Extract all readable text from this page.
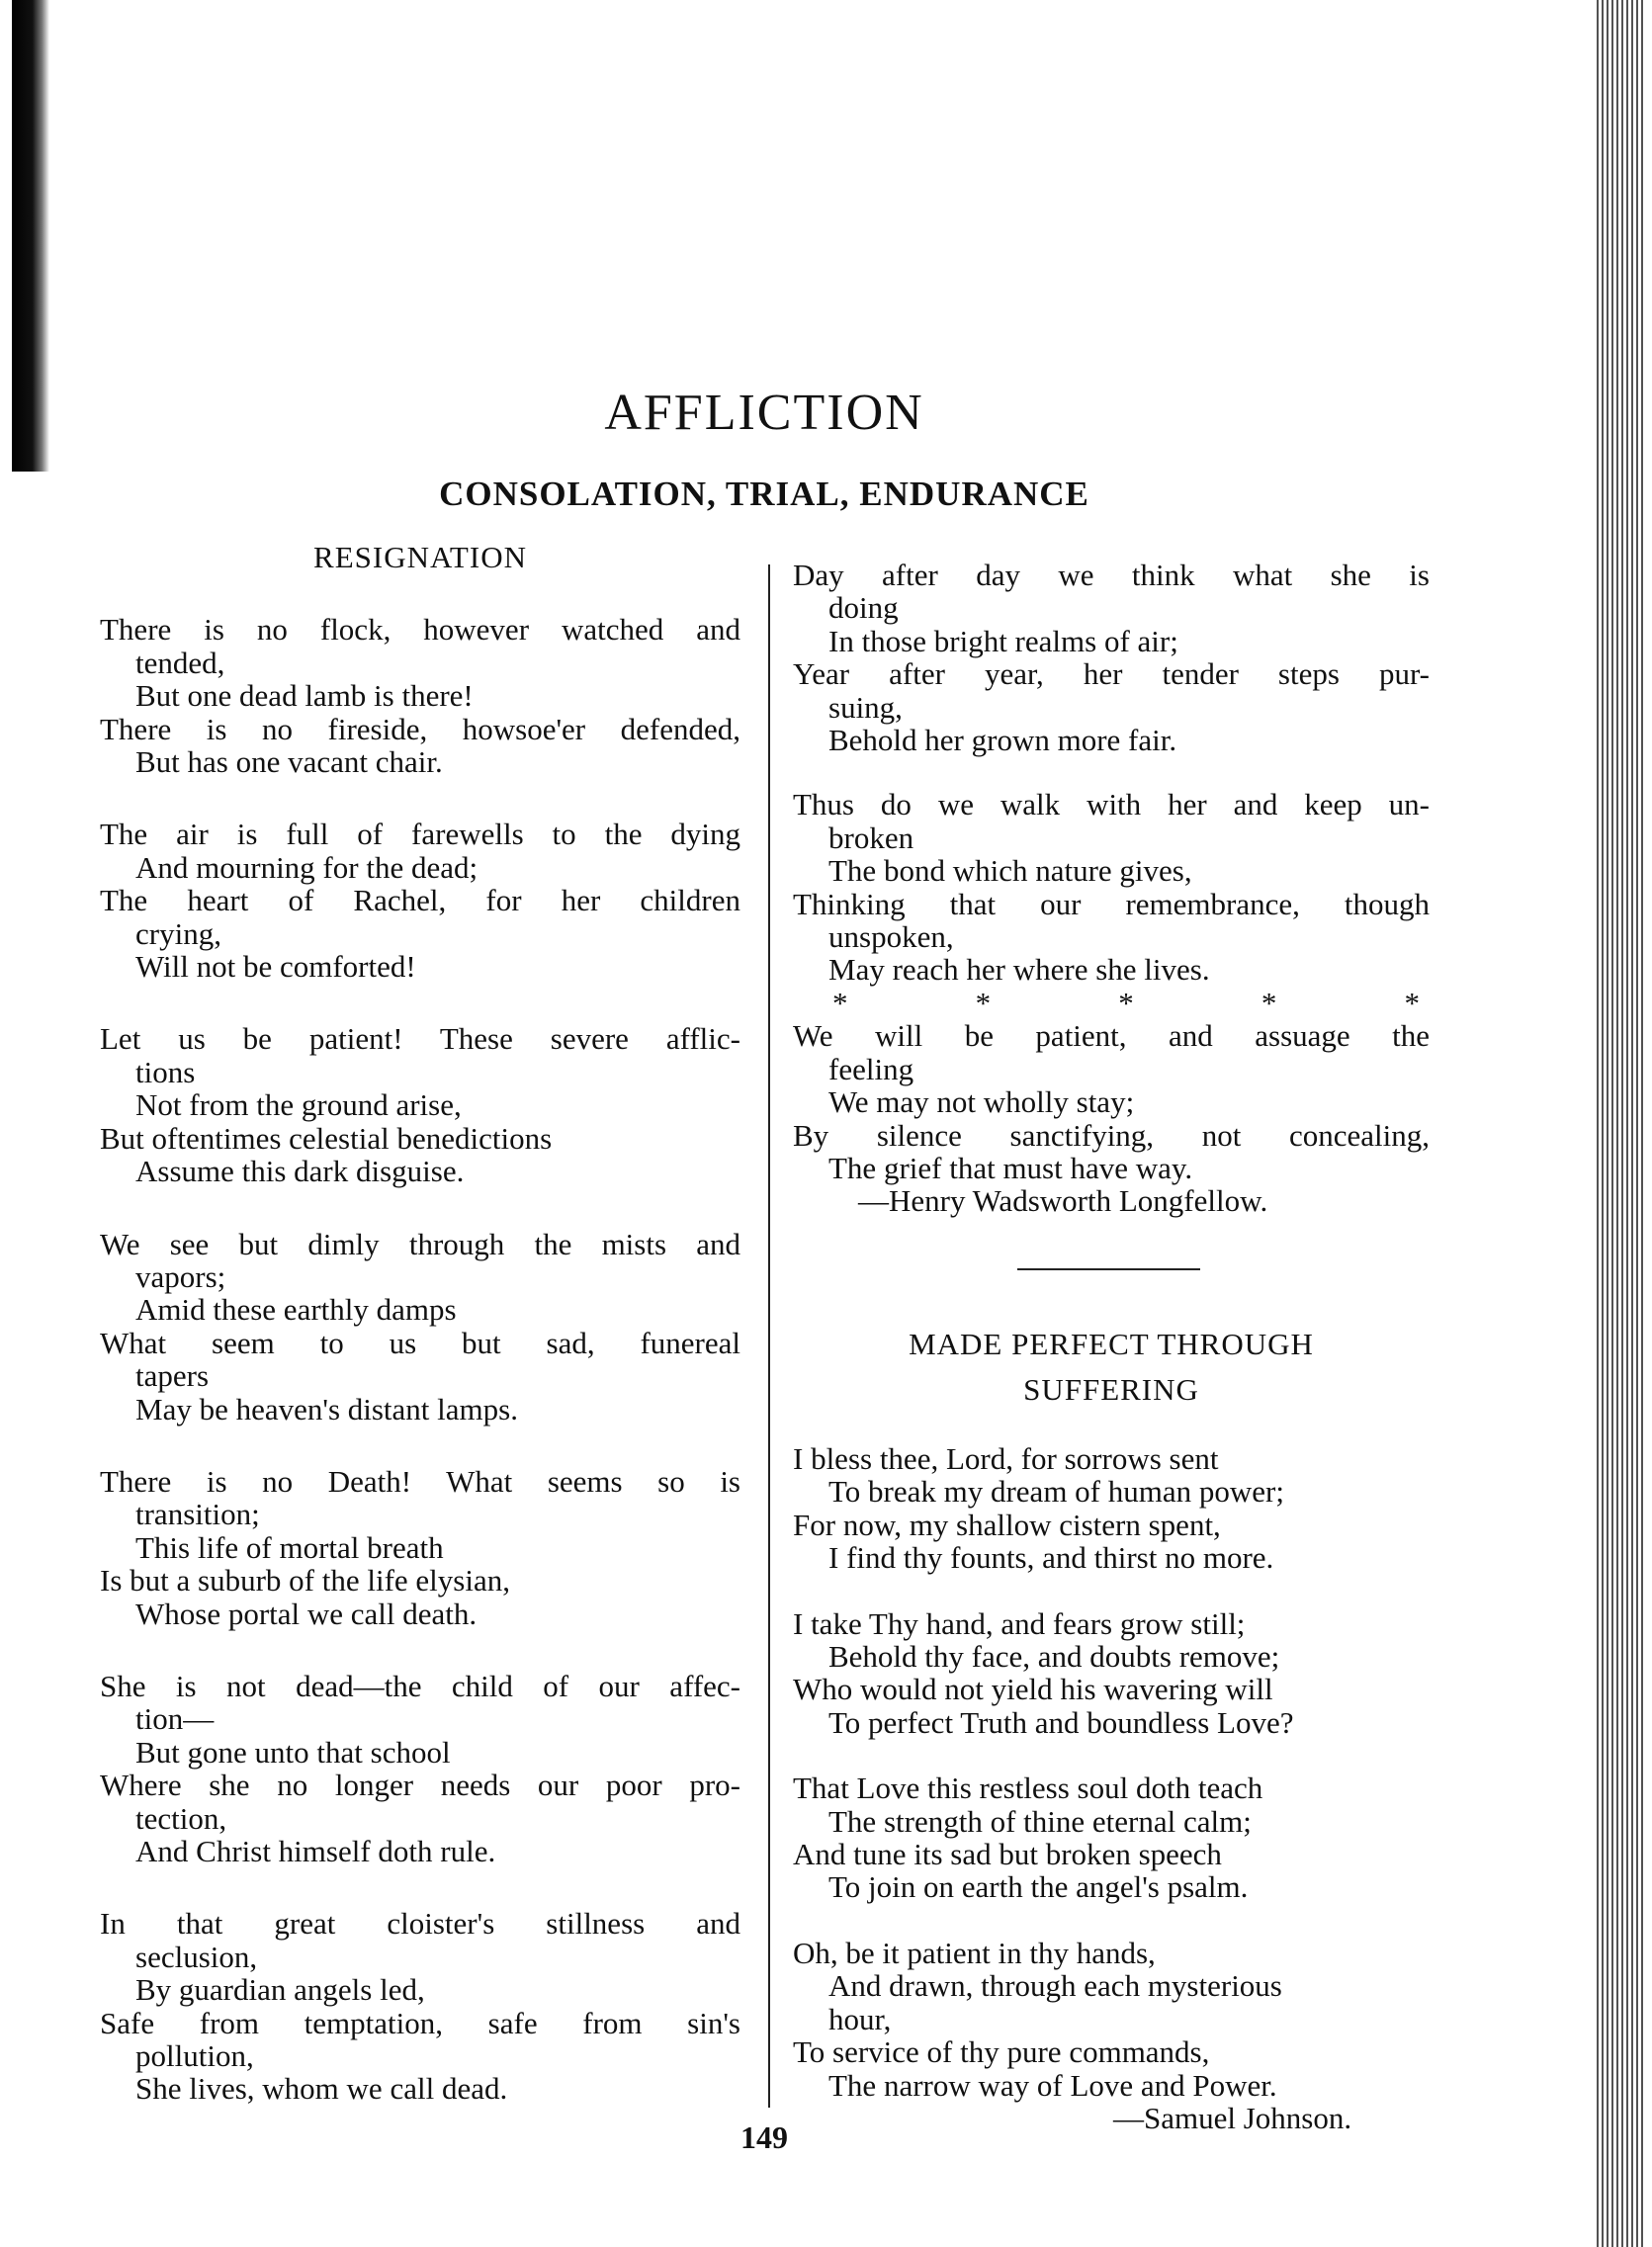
AFFLICTION
CONSOLATION, TRIAL, ENDURANCE
RESIGNATION
There is no flock, however watched and
tended,
But one dead lamb is there!
There is no fireside, howsoe'er defended,
But has one vacant chair.
The air is full of farewells to the dying
And mourning for the dead;
The heart of Rachel, for her children
crying,
Will not be comforted!
Let us be patient! These severe afflic-
tions
Not from the ground arise,
But oftentimes celestial benedictions
Assume this dark disguise.
We see but dimly through the mists and
vapors;
Amid these earthly damps
What seem to us but sad, funereal
tapers
May be heaven's distant lamps.
There is no Death! What seems so is
transition;
This life of mortal breath
Is but a suburb of the life elysian,
Whose portal we call death.
She is not dead—the child of our affec-
tion—
But gone unto that school
Where she no longer needs our poor pro-
tection,
And Christ himself doth rule.
In that great cloister's stillness and
seclusion,
By guardian angels led,
Safe from temptation, safe from sin's
pollution,
She lives, whom we call dead.
Day after day we think what she is
doing
In those bright realms of air;
Year after year, her tender steps pur-
suing,
Behold her grown more fair.
Thus do we walk with her and keep un-
broken
The bond which nature gives,
Thinking that our remembrance, though
unspoken,
May reach her where she lives.
*	*	*	*	*
We will be patient, and assuage the
feeling
We may not wholly stay;
By silence sanctifying, not concealing,
The grief that must have way.
—Henry Wadsworth Longfellow.
MADE PERFECT THROUGH
SUFFERING
I bless thee, Lord, for sorrows sent
To break my dream of human power;
For now, my shallow cistern spent,
I find thy founts, and thirst no more.
I take Thy hand, and fears grow still;
Behold thy face, and doubts remove;
Who would not yield his wavering will
To perfect Truth and boundless Love?
That Love this restless soul doth teach
The strength of thine eternal calm;
And tune its sad but broken speech
To join on earth the angel's psalm.
Oh, be it patient in thy hands,
And drawn, through each mysterious
hour,
To service of thy pure commands,
The narrow way of Love and Power.
—Samuel Johnson.
149
